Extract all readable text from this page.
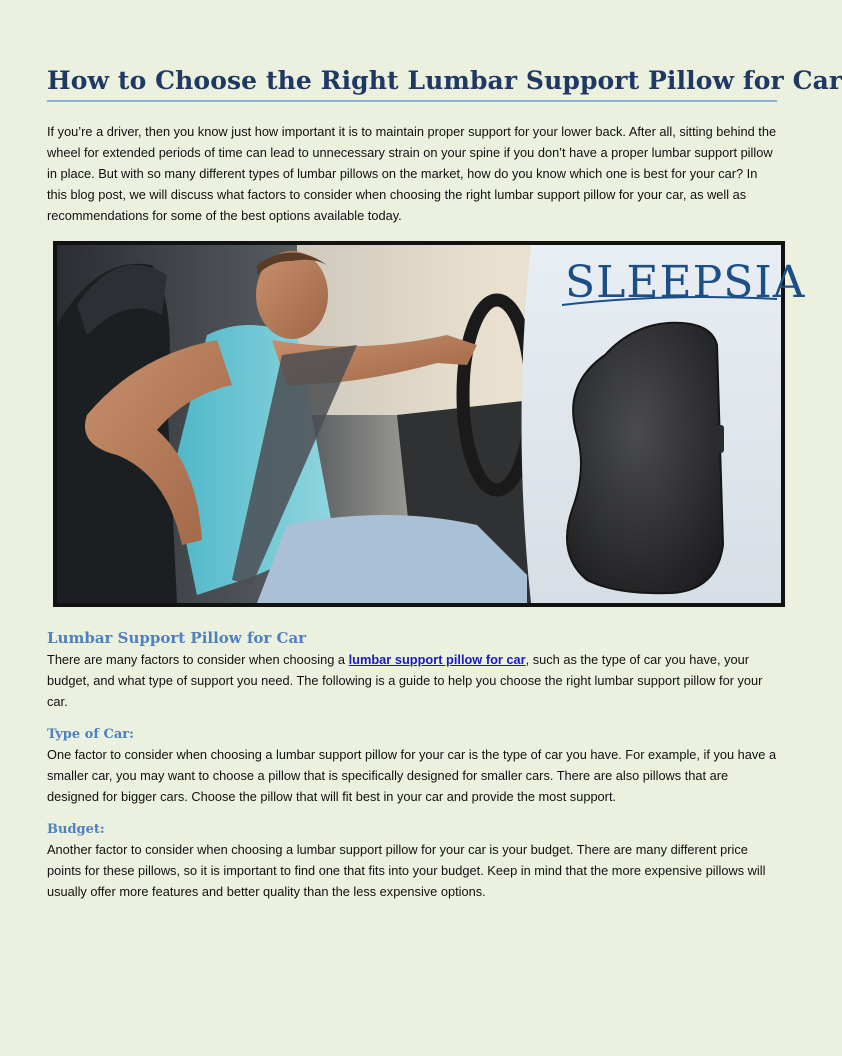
How to Choose the Right Lumbar Support Pillow for Car

If you’re a driver, then you know just how important it is to maintain proper support for your lower back. After all, sitting behind the wheel for extended periods of time can lead to unnecessary strain on your spine if you don’t have a proper lumbar support pillow in place. But with so many different types of lumbar pillows on the market, how do you know which one is best for your car? In this blog post, we will discuss what factors to consider when choosing the right lumbar support pillow for your car, as well as recommendations for some of the best options available today.

SLEEPSIA
Lumbar Support Pillow for Car

There are many factors to consider when choosing a lumbar support pillow for car, such as the type of car you have, your budget, and what type of support you need. The following is a guide to help you choose the right lumbar support pillow for your car.

Type of Car:

One factor to consider when choosing a lumbar support pillow for your car is the type of car you have. For example, if you have a smaller car, you may want to choose a pillow that is specifically designed for smaller cars. There are also pillows that are designed for bigger cars. Choose the pillow that will fit best in your car and provide the most support.

Budget:

Another factor to consider when choosing a lumbar support pillow for your car is your budget. There are many different price points for these pillows, so it is important to find one that fits into your budget. Keep in mind that the more expensive pillows will usually offer more features and better quality than the less expensive options.
